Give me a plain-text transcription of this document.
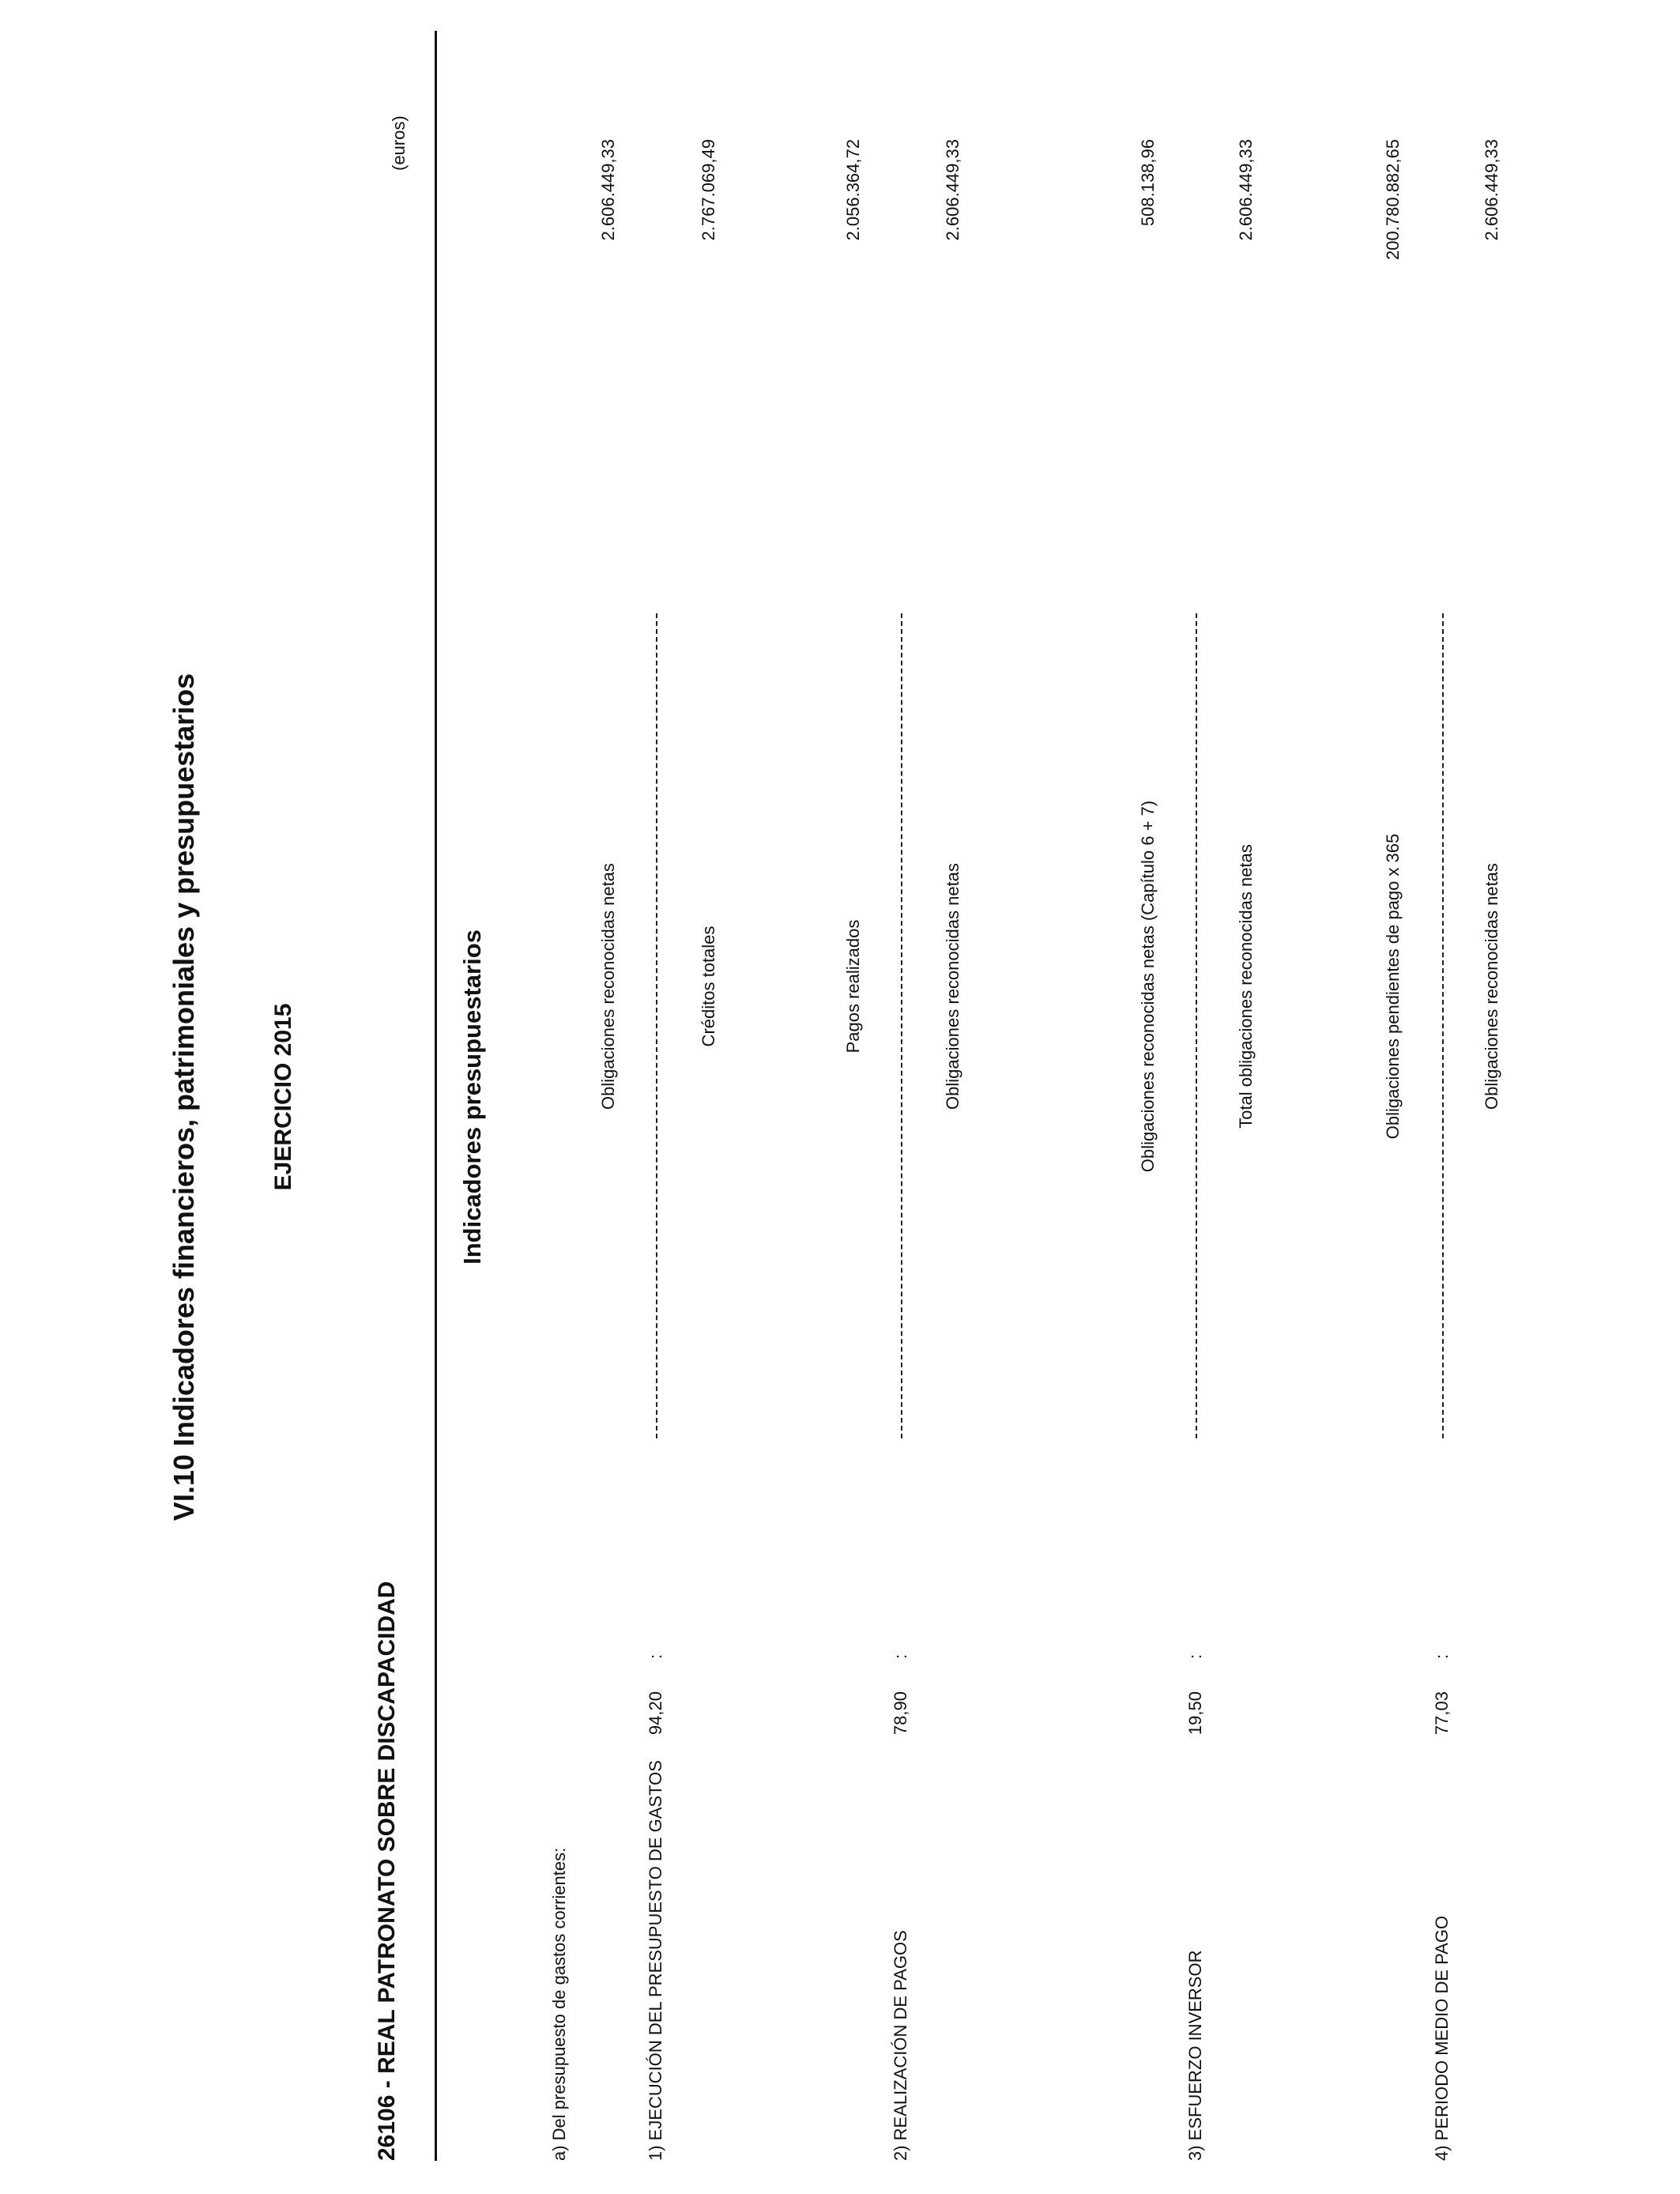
VI.10 Indicadores financieros, patrimoniales y presupuestarios	EJERCICIO 2015
26106 - REAL PATRONATO SOBRE DISCAPACIDAD
(euros)
Indicadores presupuestarios
a) Del presupuesto de gastos corrientes:
Obligaciones reconocidas netas
2.606.449,33
1) EJECUCIÓN DEL PRESUPUESTO DE GASTOS
94,20
:
Créditos totales
2.767.069,49
Pagos realizados
2.056.364,72
2) REALIZACIÓN DE PAGOS
78,90
:
Obligaciones reconocidas netas
2.606.449,33
Obligaciones reconocidas netas (Capítulo 6 + 7)
508.138,96
3) ESFUERZO INVERSOR
19,50
:
Total obligaciones reconocidas netas
2.606.449,33
Obligaciones pendientes de pago x 365
200.780.882,65
4) PERIODO MEDIO DE PAGO
77,03
:
Obligaciones reconocidas netas
2.606.449,33
